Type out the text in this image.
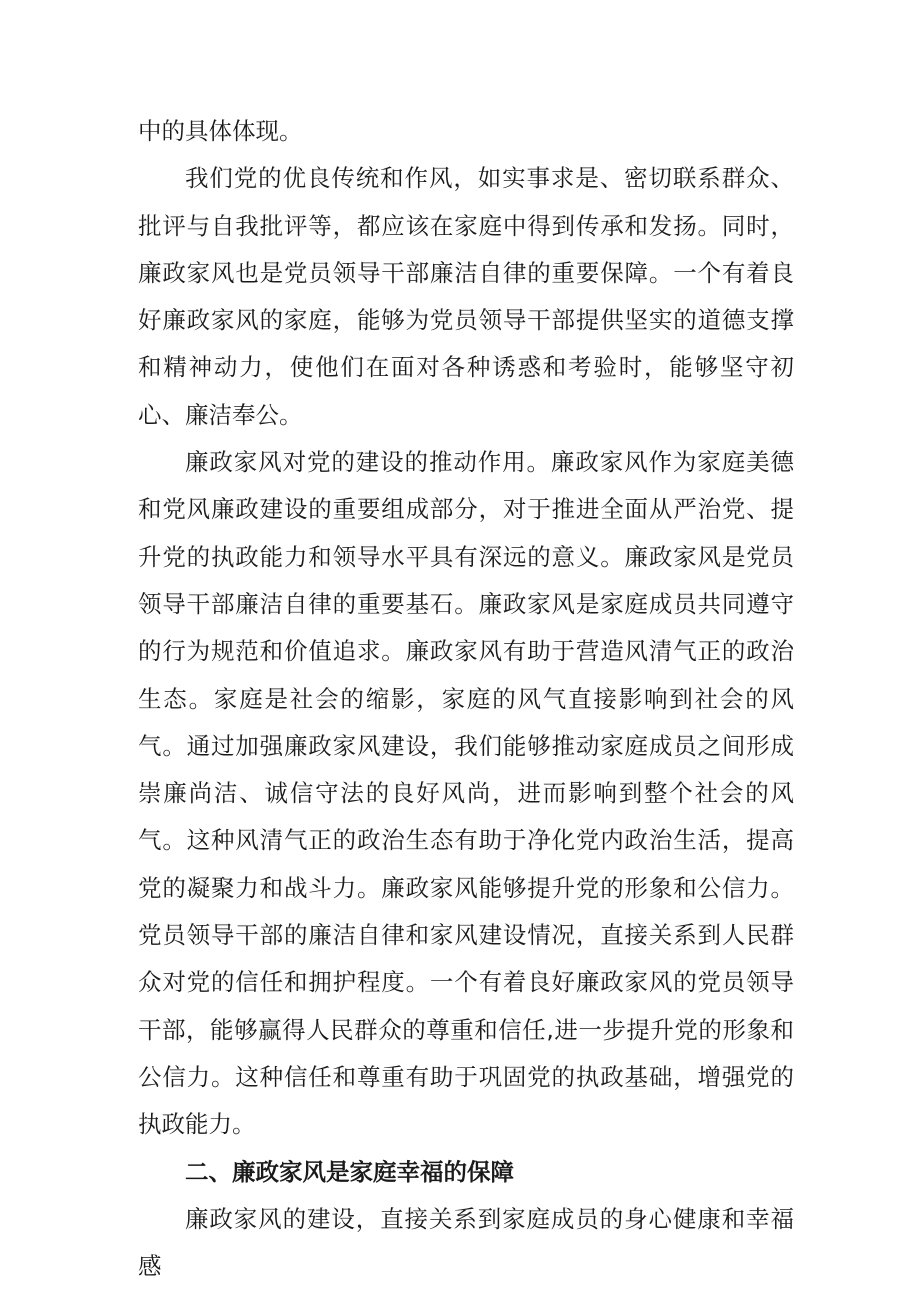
中的具体体现。

我们党的优良传统和作风，如实事求是、密切联系群众、批评与自我批评等，都应该在家庭中得到传承和发扬。同时，廉政家风也是党员领导干部廉洁自律的重要保障。一个有着良好廉政家风的家庭，能够为党员领导干部提供坚实的道德支撑和精神动力，使他们在面对各种诱惑和考验时，能够坚守初心、廉洁奉公。

廉政家风对党的建设的推动作用。廉政家风作为家庭美德和党风廉政建设的重要组成部分，对于推进全面从严治党、提升党的执政能力和领导水平具有深远的意义。廉政家风是党员领导干部廉洁自律的重要基石。廉政家风是家庭成员共同遵守的行为规范和价值追求。廉政家风有助于营造风清气正的政治生态。家庭是社会的缩影，家庭的风气直接影响到社会的风气。通过加强廉政家风建设，我们能够推动家庭成员之间形成崇廉尚洁、诚信守法的良好风尚，进而影响到整个社会的风气。这种风清气正的政治生态有助于净化党内政治生活，提高党的凝聚力和战斗力。廉政家风能够提升党的形象和公信力。党员领导干部的廉洁自律和家风建设情况，直接关系到人民群众对党的信任和拥护程度。一个有着良好廉政家风的党员领导干部，能够赢得人民群众的尊重和信任,进一步提升党的形象和公信力。这种信任和尊重有助于巩固党的执政基础，增强党的执政能力。

二、廉政家风是家庭幸福的保障

廉政家风的建设，直接关系到家庭成员的身心健康和幸福感
